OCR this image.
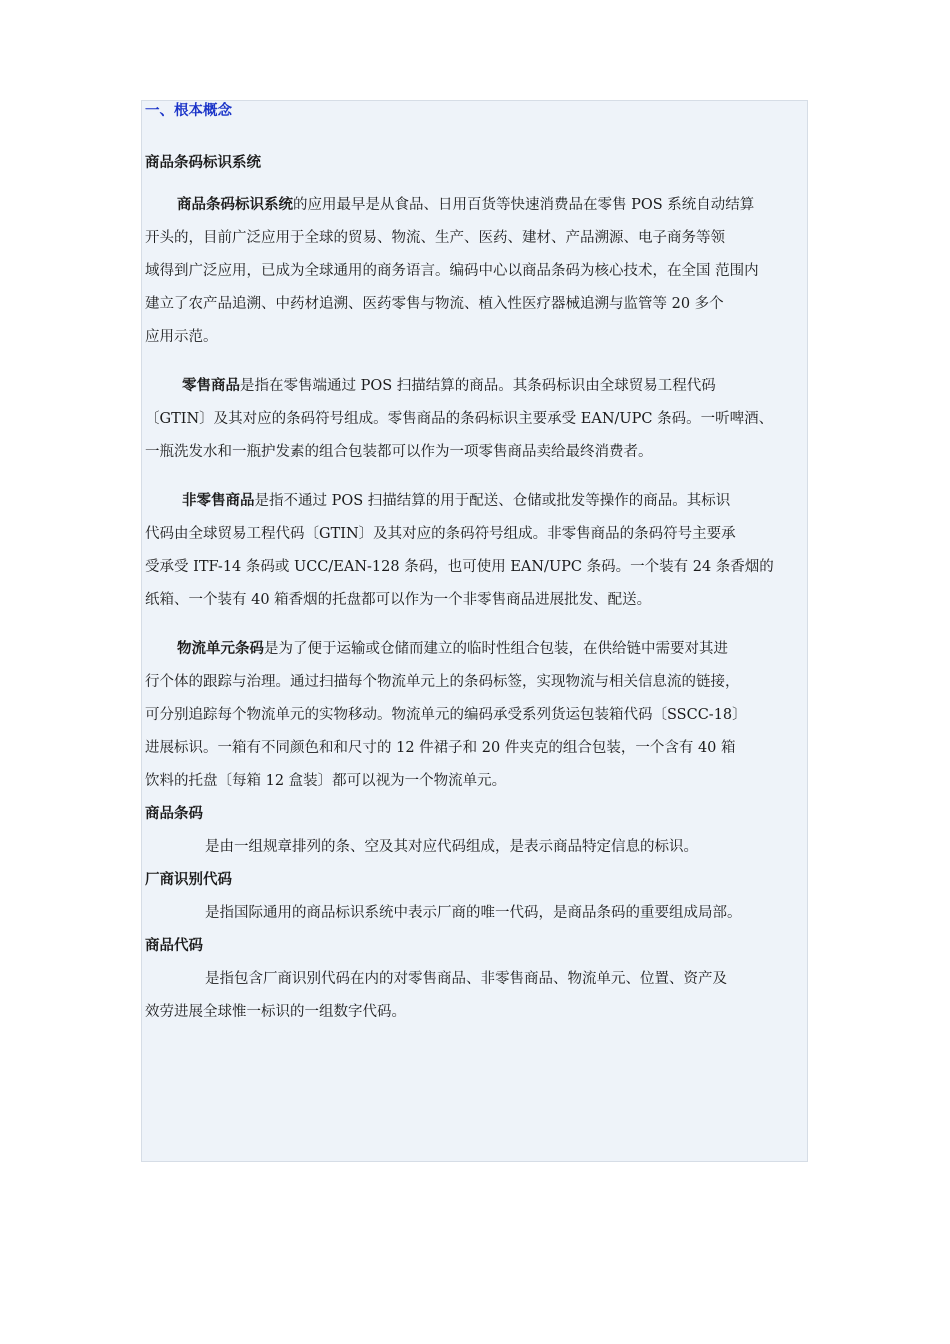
一、根本概念
商品条码标识系统
商品条码标识系统的应用最早是从食品、日用百货等快速消费品在零售 POS 系统自动结算
开头的，目前广泛应用于全球的贸易、物流、生产、医药、建材、产品溯源、电子商务等领
域得到广泛应用，已成为全球通用的商务语言。编码中心以商品条码为核心技术，在全国 范围内
建立了农产品追溯、中药材追溯、医药零售与物流、植入性医疗器械追溯与监管等 20 多个
应用示范。
零售商品是指在零售端通过 POS 扫描结算的商品。其条码标识由全球贸易工程代码
〔GTIN〕及其对应的条码符号组成。零售商品的条码标识主要承受 EAN/UPC 条码。一听啤酒、
一瓶洗发水和一瓶护发素的组合包装都可以作为一项零售商品卖给最终消费者。
非零售商品是指不通过 POS 扫描结算的用于配送、仓储或批发等操作的商品。其标识
代码由全球贸易工程代码〔GTIN〕及其对应的条码符号组成。非零售商品的条码符号主要承
受承受 ITF-14 条码或 UCC/EAN-128 条码，也可使用 EAN/UPC 条码。一个装有 24 条香烟的
纸箱、一个装有 40 箱香烟的托盘都可以作为一个非零售商品进展批发、配送。
物流单元条码是为了便于运输或仓储而建立的临时性组合包装，在供给链中需要对其进
行个体的跟踪与治理。通过扫描每个物流单元上的条码标签，实现物流与相关信息流的链接，
可分别追踪每个物流单元的实物移动。物流单元的编码承受系列货运包装箱代码〔SSCC-18〕
进展标识。一箱有不同颜色和和尺寸的 12 件裙子和 20 件夹克的组合包装，一个含有 40 箱
饮料的托盘〔每箱 12 盒装〕都可以视为一个物流单元。
商品条码
是由一组规章排列的条、空及其对应代码组成，是表示商品特定信息的标识。
厂商识别代码
是指国际通用的商品标识系统中表示厂商的唯一代码，是商品条码的重要组成局部。
商品代码
是指包含厂商识别代码在内的对零售商品、非零售商品、物流单元、位置、资产及
效劳进展全球惟一标识的一组数字代码。
